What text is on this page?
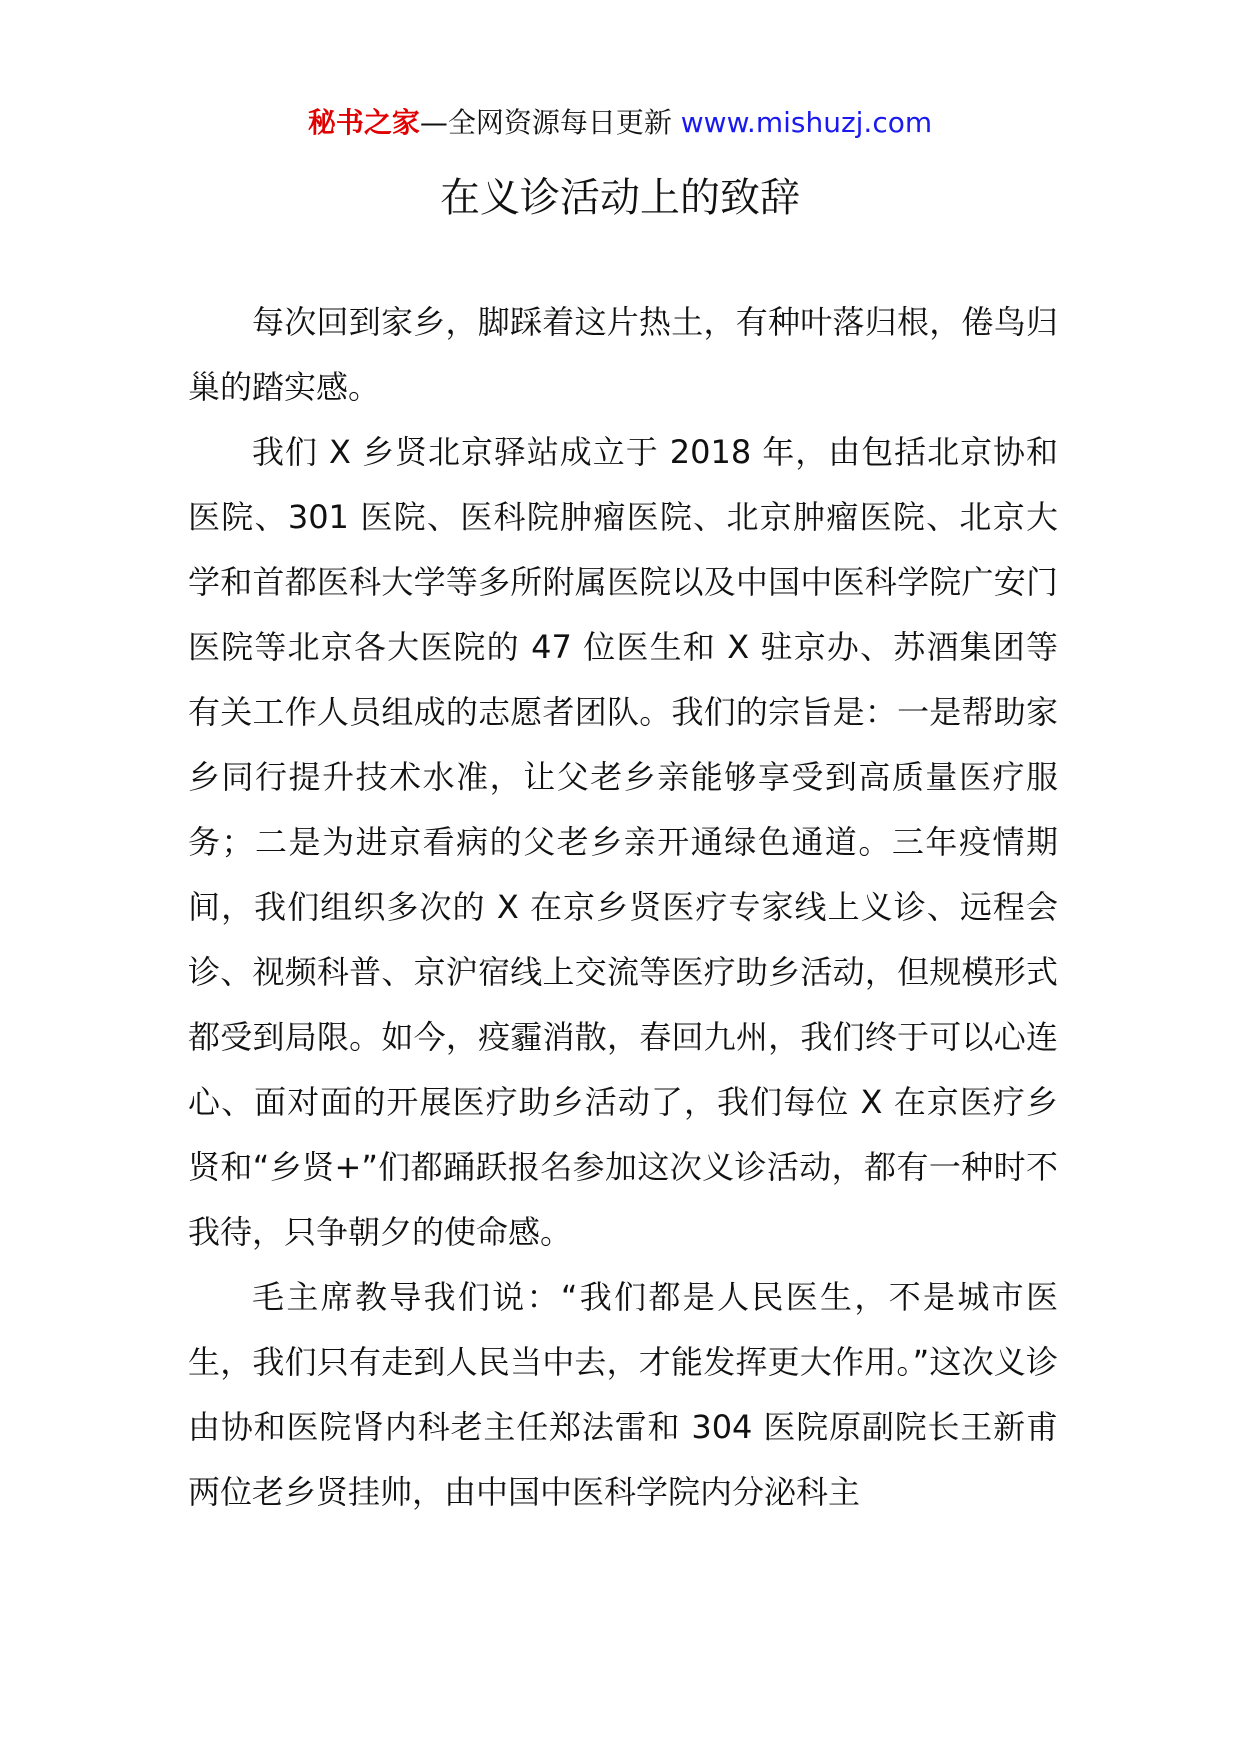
秘书之家—全网资源每日更新 www.mishuzj.com
在义诊活动上的致辞

每次回到家乡，脚踩着这片热土，有种叶落归根，倦鸟归巢的踏实感。

我们 X 乡贤北京驿站成立于 2018 年，由包括北京协和医院、301 医院、医科院肿瘤医院、北京肿瘤医院、北京大学和首都医科大学等多所附属医院以及中国中医科学院广安门医院等北京各大医院的 47 位医生和 X 驻京办、苏酒集团等有关工作人员组成的志愿者团队。我们的宗旨是：一是帮助家乡同行提升技术水准，让父老乡亲能够享受到高质量医疗服务；二是为进京看病的父老乡亲开通绿色通道。三年疫情期间，我们组织多次的 X 在京乡贤医疗专家线上义诊、远程会诊、视频科普、京沪宿线上交流等医疗助乡活动，但规模形式都受到局限。如今，疫霾消散，春回九州，我们终于可以心连心、面对面的开展医疗助乡活动了，我们每位 X 在京医疗乡贤和“乡贤+”们都踊跃报名参加这次义诊活动，都有一种时不我待，只争朝夕的使命感。

毛主席教导我们说：“我们都是人民医生，不是城市医生，我们只有走到人民当中去，才能发挥更大作用。”这次义诊由协和医院肾内科老主任郑法雷和 304 医院原副院长王新甫两位老乡贤挂帅，由中国中医科学院内分泌科主
